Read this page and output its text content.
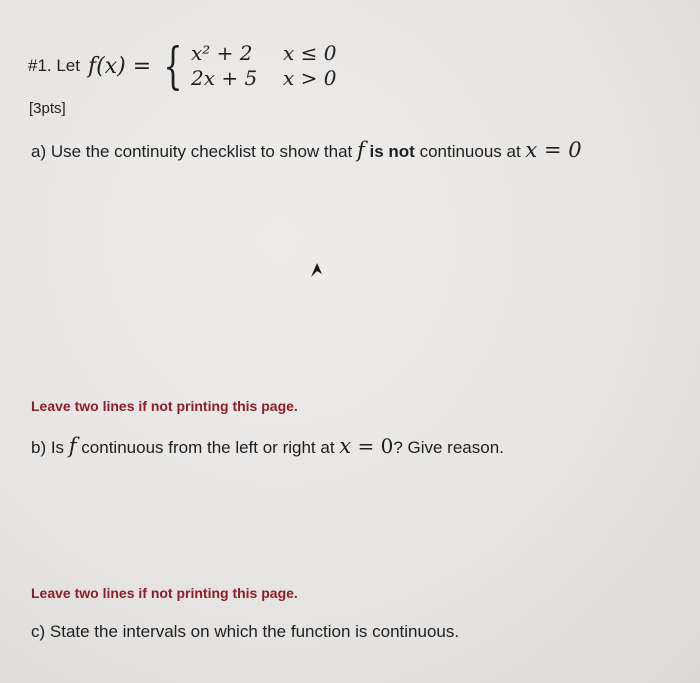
#1. Let f(x) = { x² + 2	x ≤ 0
2x + 5	x > 0
[3pts]
a) Use the continuity checklist to show that f is not continuous at x = 0
Leave two lines if not printing this page.
b) Is f continuous from the left or right at x = 0? Give reason.
Leave two lines if not printing this page.
c) State the intervals on which the function is continuous.
